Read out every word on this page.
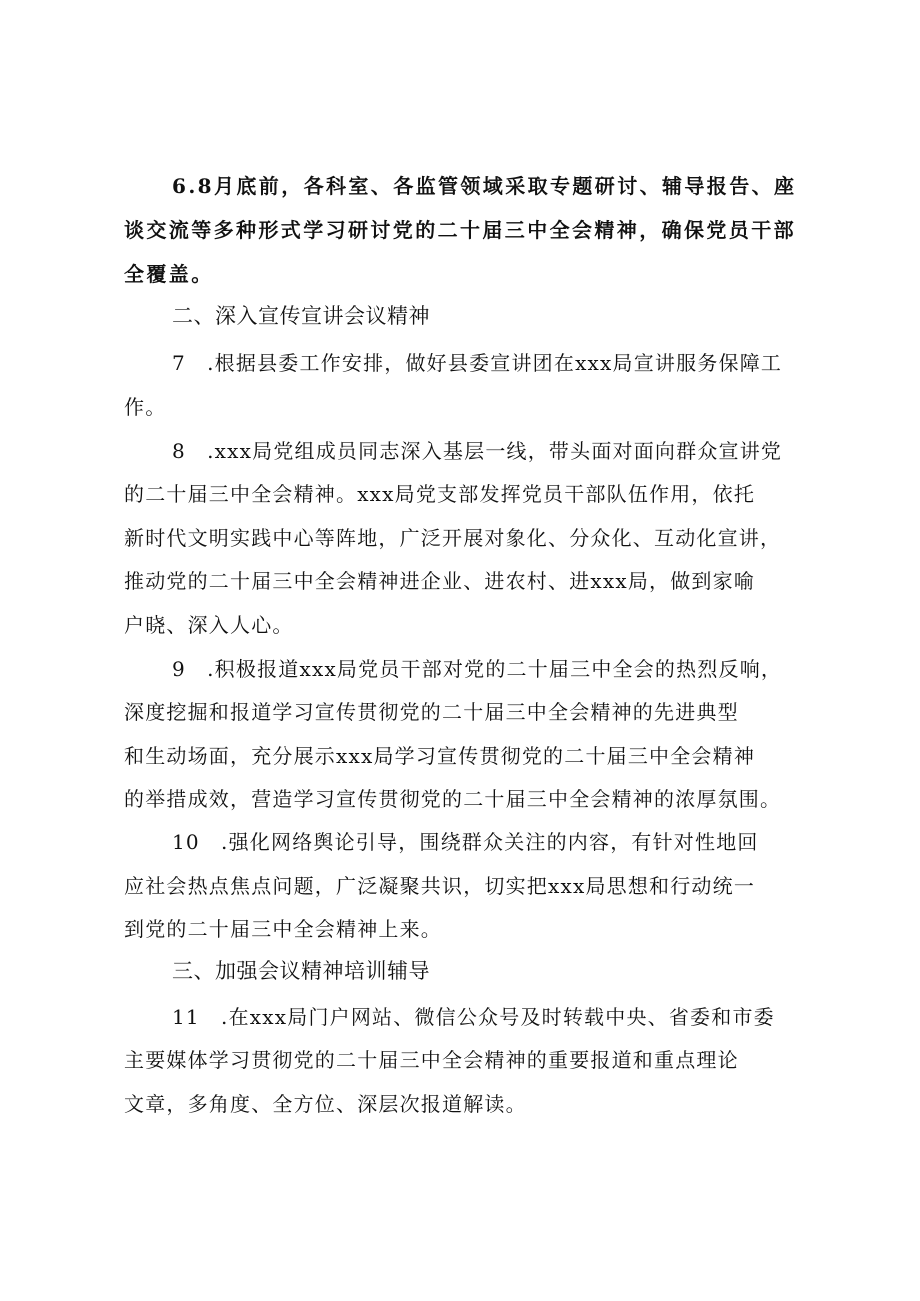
6.8月底前，各科室、各监管领域采取专题研讨、辅导报告、座
谈交流等多种形式学习研讨党的二十届三中全会精神，确保党员干部
全覆盖。
二、深入宣传宣讲会议精神
7　.根据县委工作安排，做好县委宣讲团在xxx局宣讲服务保障工
作。
8　.xxx局党组成员同志深入基层一线，带头面对面向群众宣讲党
的二十届三中全会精神。xxx局党支部发挥党员干部队伍作用，依托
新时代文明实践中心等阵地，广泛开展对象化、分众化、互动化宣讲，
推动党的二十届三中全会精神进企业、进农村、进xxx局，做到家喻
户晓、深入人心。
9　.积极报道xxx局党员干部对党的二十届三中全会的热烈反响，
深度挖掘和报道学习宣传贯彻党的二十届三中全会精神的先进典型
和生动场面，充分展示xxx局学习宣传贯彻党的二十届三中全会精神
的举措成效，营造学习宣传贯彻党的二十届三中全会精神的浓厚氛围。
10　.强化网络舆论引导，围绕群众关注的内容，有针对性地回
应社会热点焦点问题，广泛凝聚共识，切实把xxx局思想和行动统一
到党的二十届三中全会精神上来。
三、加强会议精神培训辅导
11　.在xxx局门户网站、微信公众号及时转载中央、省委和市委
主要媒体学习贯彻党的二十届三中全会精神的重要报道和重点理论
文章，多角度、全方位、深层次报道解读。
